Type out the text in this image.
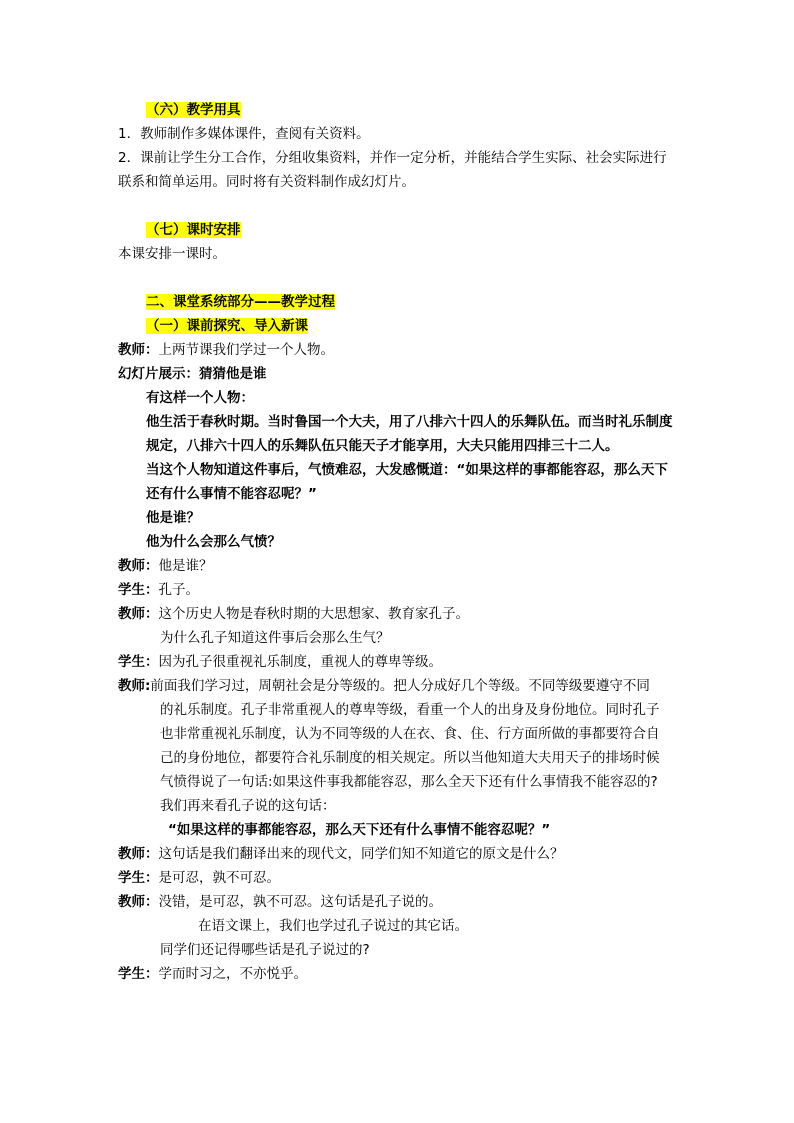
（六）教学用具
1．教师制作多媒体课件，查阅有关资料。
2．课前让学生分工合作，分组收集资料，并作一定分析，并能结合学生实际、社会实际进行联系和简单运用。同时将有关资料制作成幻灯片。
（七）课时安排
本课安排一课时。
二、课堂系统部分——教学过程
（一）课前探究、导入新课
教师：上两节课我们学过一个人物。
幻灯片展示：猜猜他是谁
有这样一个人物：
他生活于春秋时期。当时鲁国一个大夫，用了八排六十四人的乐舞队伍。而当时礼乐制度规定，八排六十四人的乐舞队伍只能天子才能享用，大夫只能用四排三十二人。
当这个人物知道这件事后，气愤难忍，大发感慨道：“如果这样的事都能容忍，那么天下还有什么事情不能容忍呢？”
他是谁？
他为什么会那么气愤？
教师：他是谁？
学生：孔子。
教师：这个历史人物是春秋时期的大思想家、教育家孔子。
为什么孔子知道这件事后会那么生气？
学生：因为孔子很重视礼乐制度，重视人的尊卑等级。
教师:前面我们学习过，周朝社会是分等级的。把人分成好几个等级。不同等级要遵守不同
的礼乐制度。孔子非常重视人的尊卑等级，看重一个人的出身及身份地位。同时孔子
也非常重视礼乐制度，认为不同等级的人在衣、食、住、行方面所做的事都要符合自
己的身份地位，都要符合礼乐制度的相关规定。所以当他知道大夫用天子的排场时候
气愤得说了一句话:如果这件事我都能容忍，那么全天下还有什么事情我不能容忍的?
我们再来看孔子说的这句话：
“如果这样的事都能容忍，那么天下还有什么事情不能容忍呢？”
教师：这句话是我们翻译出来的现代文，同学们知不知道它的原文是什么？
学生：是可忍，孰不可忍。
教师：没错，是可忍，孰不可忍。这句话是孔子说的。
在语文课上，我们也学过孔子说过的其它话。
同学们还记得哪些话是孔子说过的?
学生：学而时习之，不亦悦乎。
